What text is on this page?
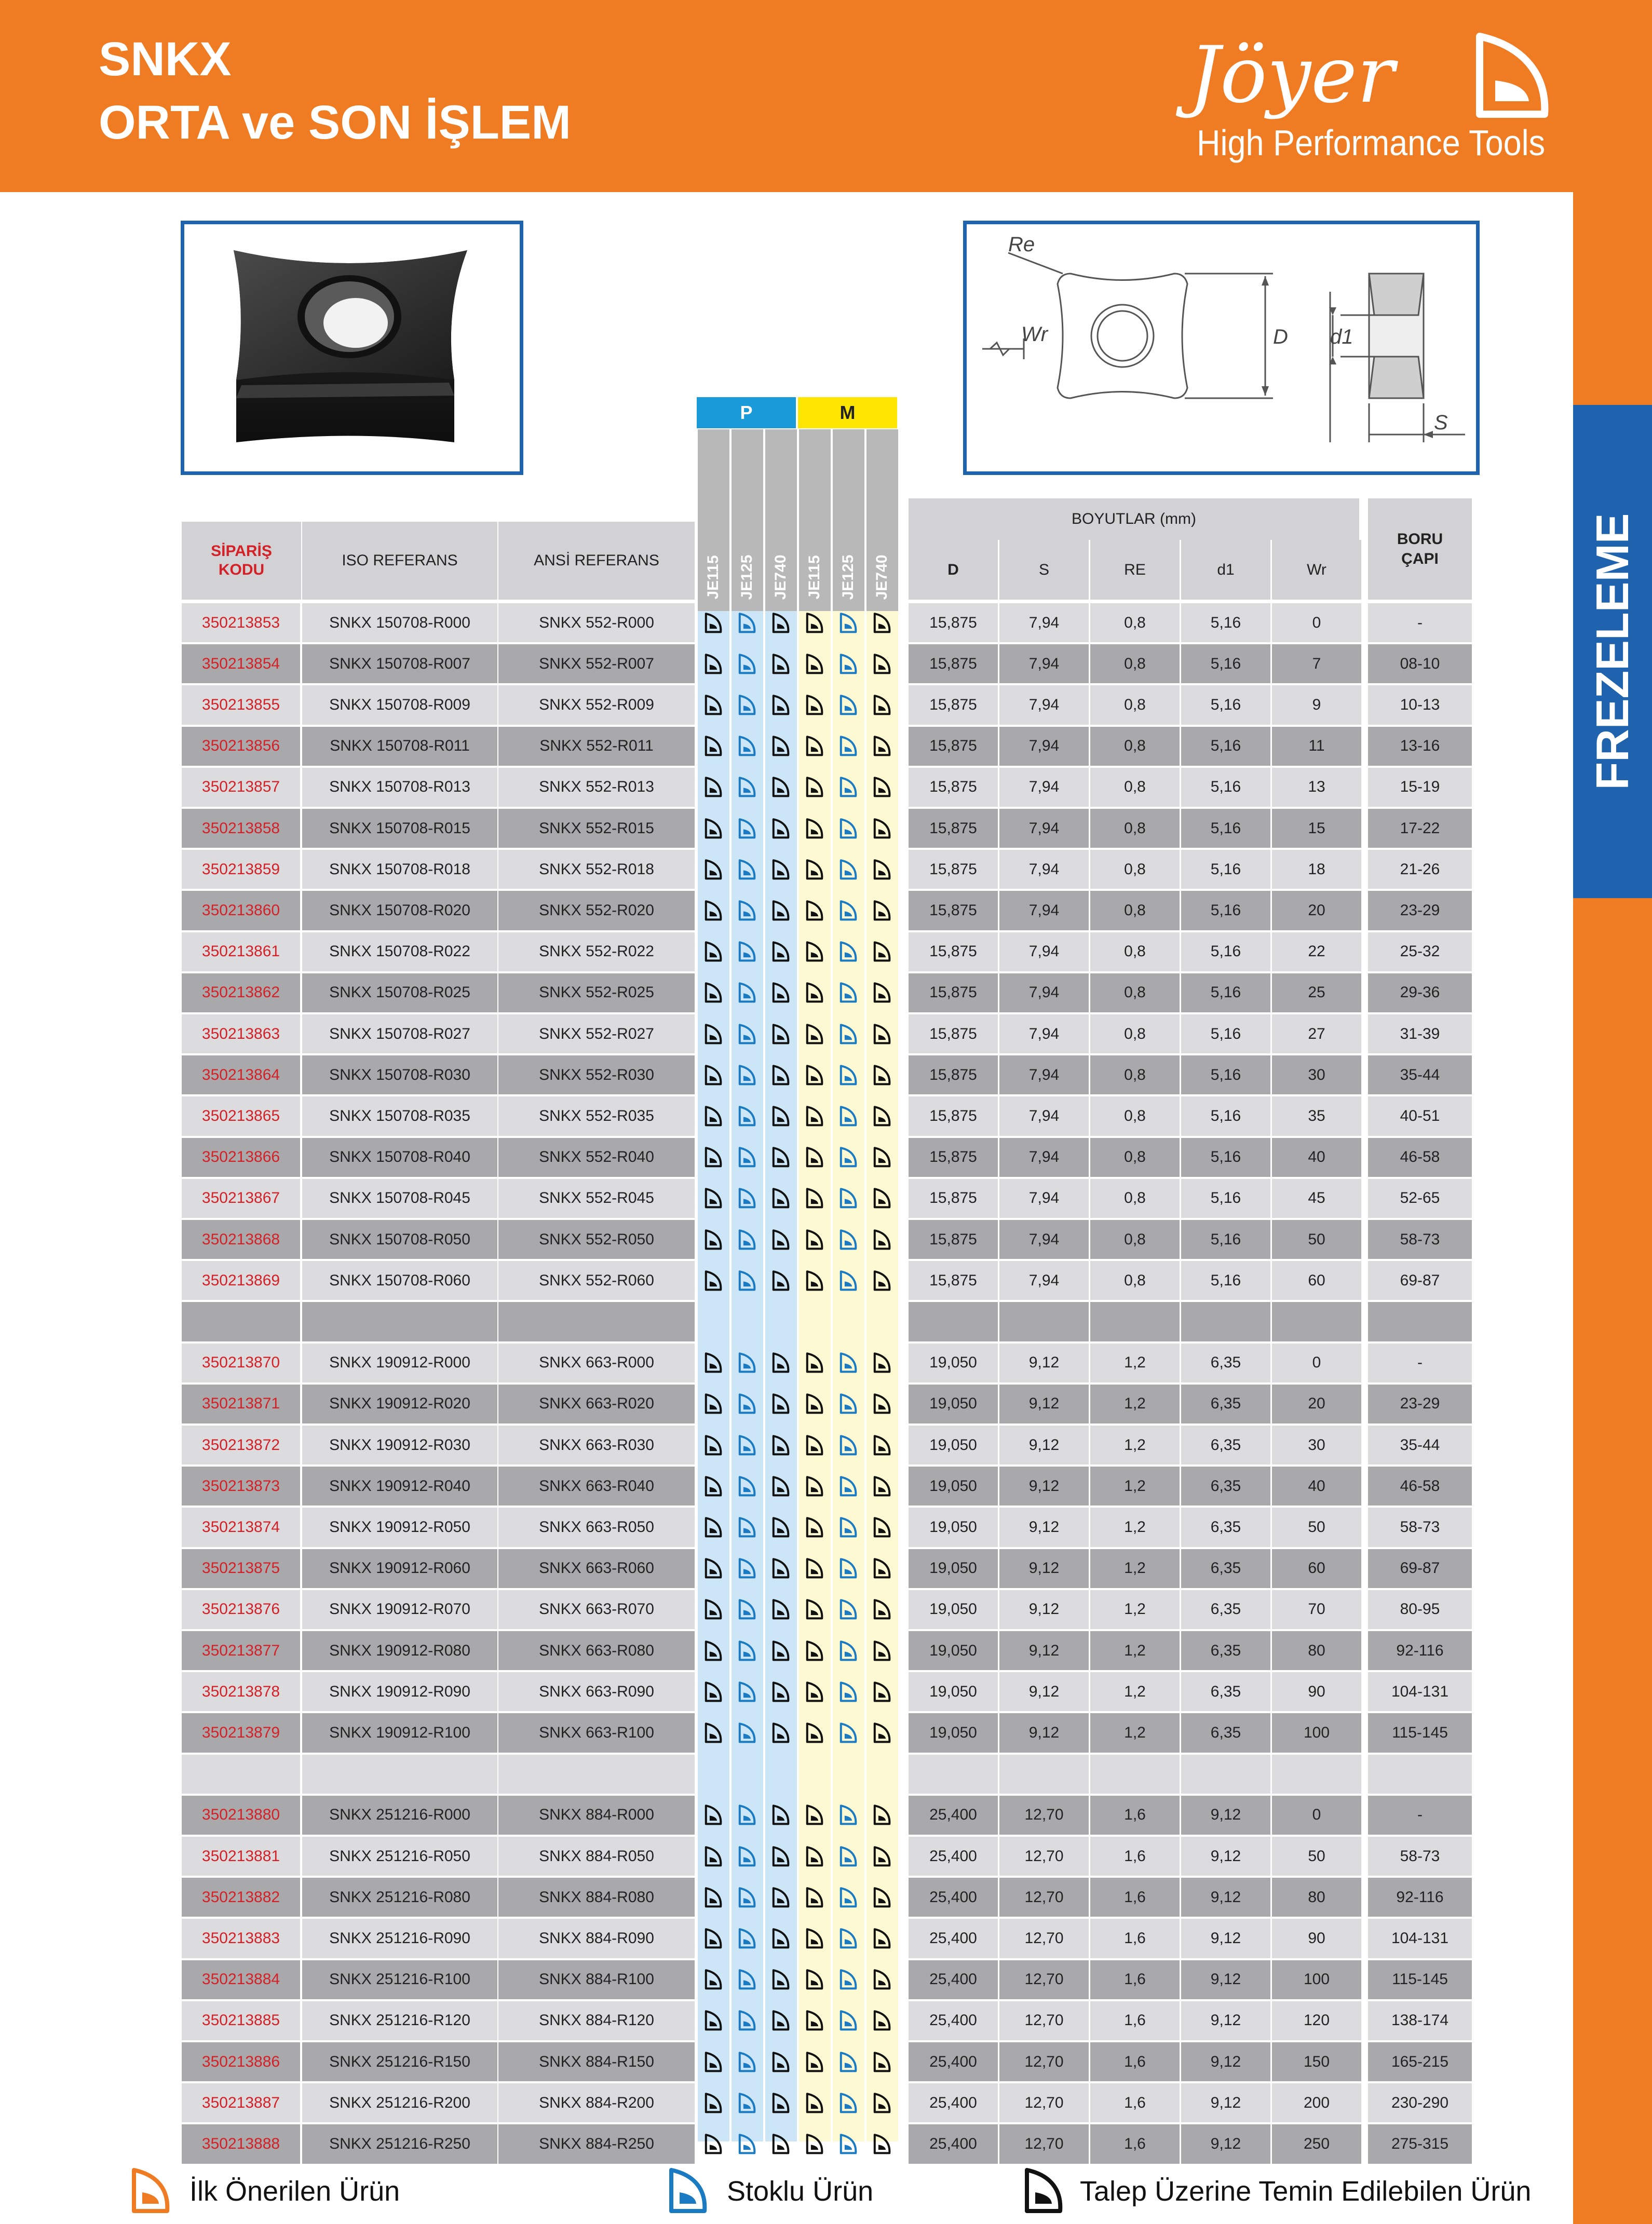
SNKX
ORTA ve SON İŞLEM
Jöyer
High Performance Tools
FREZELEME
Re
Wr	D d1
S
P	M
JE115 JE125 JE740 JE115 JE125 JE740
SİPARİŞ KODU
ISO REFERANS	ANSİ REFERANS
BOYUTLAR (mm)
D	S	RE	d1	Wr
BORU ÇAPI
350213853	SNKX 150708-R000	SNKX 552-R000	15,875	7,94	0,8	5,16	0	-
350213854	SNKX 150708-R007	SNKX 552-R007	15,875	7,94	0,8	5,16	7	08-10
350213855	SNKX 150708-R009	SNKX 552-R009	15,875	7,94	0,8	5,16	9	10-13
350213856	SNKX 150708-R011	SNKX 552-R011	15,875	7,94	0,8	5,16	11	13-16
350213857	SNKX 150708-R013	SNKX 552-R013	15,875	7,94	0,8	5,16	13	15-19
350213858	SNKX 150708-R015	SNKX 552-R015	15,875	7,94	0,8	5,16	15	17-22
350213859	SNKX 150708-R018	SNKX 552-R018	15,875	7,94	0,8	5,16	18	21-26
350213860	SNKX 150708-R020	SNKX 552-R020	15,875	7,94	0,8	5,16	20	23-29
350213861	SNKX 150708-R022	SNKX 552-R022	15,875	7,94	0,8	5,16	22	25-32
350213862	SNKX 150708-R025	SNKX 552-R025	15,875	7,94	0,8	5,16	25	29-36
350213863	SNKX 150708-R027	SNKX 552-R027	15,875	7,94	0,8	5,16	27	31-39
350213864	SNKX 150708-R030	SNKX 552-R030	15,875	7,94	0,8	5,16	30	35-44
350213865	SNKX 150708-R035	SNKX 552-R035	15,875	7,94	0,8	5,16	35	40-51
350213866	SNKX 150708-R040	SNKX 552-R040	15,875	7,94	0,8	5,16	40	46-58
350213867	SNKX 150708-R045	SNKX 552-R045	15,875	7,94	0,8	5,16	45	52-65
350213868	SNKX 150708-R050	SNKX 552-R050	15,875	7,94	0,8	5,16	50	58-73
350213869	SNKX 150708-R060	SNKX 552-R060	15,875	7,94	0,8	5,16	60	69-87
350213870	SNKX 190912-R000	SNKX 663-R000	19,050	9,12	1,2	6,35	0	-
350213871	SNKX 190912-R020	SNKX 663-R020	19,050	9,12	1,2	6,35	20	23-29
350213872	SNKX 190912-R030	SNKX 663-R030	19,050	9,12	1,2	6,35	30	35-44
350213873	SNKX 190912-R040	SNKX 663-R040	19,050	9,12	1,2	6,35	40	46-58
350213874	SNKX 190912-R050	SNKX 663-R050	19,050	9,12	1,2	6,35	50	58-73
350213875	SNKX 190912-R060	SNKX 663-R060	19,050	9,12	1,2	6,35	60	69-87
350213876	SNKX 190912-R070	SNKX 663-R070	19,050	9,12	1,2	6,35	70	80-95
350213877	SNKX 190912-R080	SNKX 663-R080	19,050	9,12	1,2	6,35	80	92-116
350213878	SNKX 190912-R090	SNKX 663-R090	19,050	9,12	1,2	6,35	90	104-131
350213879	SNKX 190912-R100	SNKX 663-R100	19,050	9,12	1,2	6,35	100	115-145
350213880	SNKX 251216-R000	SNKX 884-R000	25,400	12,70	1,6	9,12	0	-
350213881	SNKX 251216-R050	SNKX 884-R050	25,400	12,70	1,6	9,12	50	58-73
350213882	SNKX 251216-R080	SNKX 884-R080	25,400	12,70	1,6	9,12	80	92-116
350213883	SNKX 251216-R090	SNKX 884-R090	25,400	12,70	1,6	9,12	90	104-131
350213884	SNKX 251216-R100	SNKX 884-R100	25,400	12,70	1,6	9,12	100	115-145
350213885	SNKX 251216-R120	SNKX 884-R120	25,400	12,70	1,6	9,12	120	138-174
350213886	SNKX 251216-R150	SNKX 884-R150	25,400	12,70	1,6	9,12	150	165-215
350213887	SNKX 251216-R200	SNKX 884-R200	25,400	12,70	1,6	9,12	200	230-290
350213888	SNKX 251216-R250	SNKX 884-R250	25,400	12,70	1,6	9,12	250	275-315
İlk Önerilen Ürün	Stoklu Ürün	Talep Üzerine Temin Edilebilen Ürün
